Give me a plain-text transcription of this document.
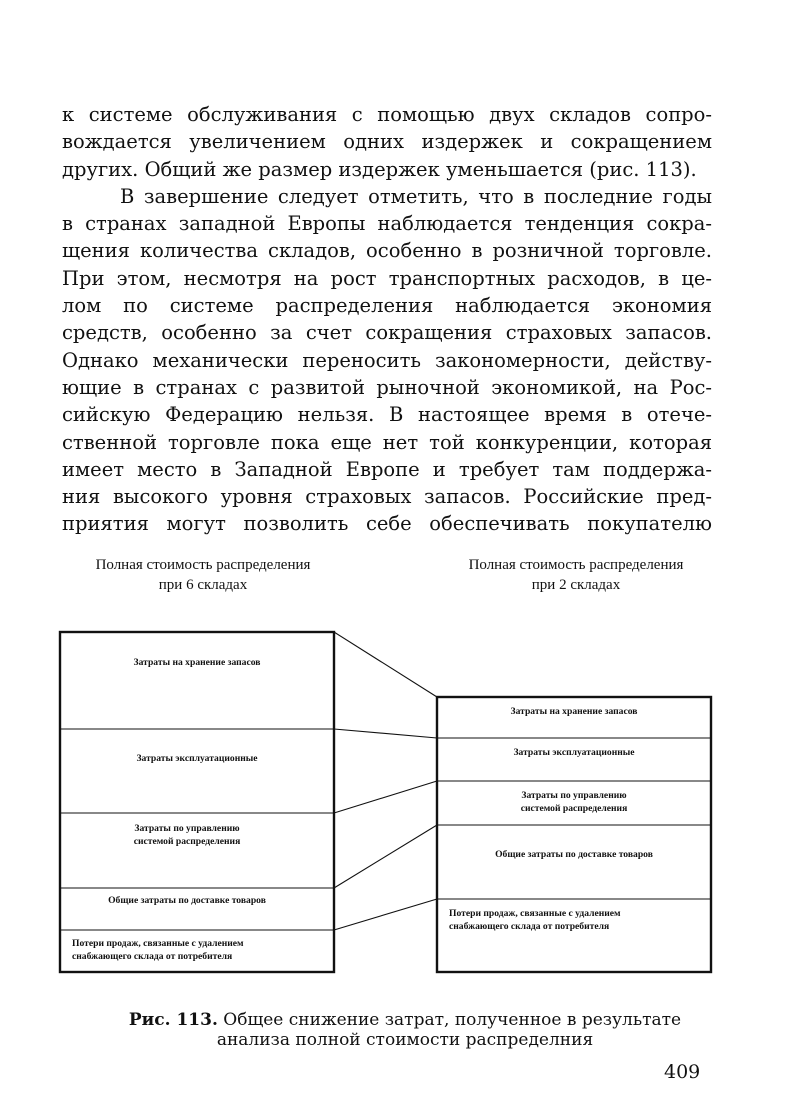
к системе обслуживания с помощью двух складов сопро-
вождается увеличением одних издержек и сокращением
других. Общий же размер издержек уменьшается (рис. 113).
В завершение следует отметить, что в последние годы
в странах западной Европы наблюдается тенденция сокра-
щения количества складов, особенно в розничной торговле.
При этом, несмотря на рост транспортных расходов, в це-
лом по системе распределения наблюдается экономия
средств, особенно за счет сокращения страховых запасов.
Однако механически переносить закономерности, действу-
ющие в странах с развитой рыночной экономикой, на Рос-
сийскую Федерацию нельзя. В настоящее время в отече-
ственной торговле пока еще нет той конкуренции, которая
имеет место в Западной Европе и требует там поддержа-
ния высокого уровня страховых запасов. Российские пред-
приятия могут позволить себе обеспечивать покупателю
Полная стоимость распределения
при 6 складах
Полная стоимость распределения
при 2 складах
Затраты на хранение запасов
Затраты эксплуатационные
Затраты по управлению
системой распределения
Общие затраты по доставке товаров
Потери продаж, связанные с удалением
снабжающего склада от потребителя
Затраты на хранение запасов
Затраты эксплуатационные
Затраты по управлению
системой распределения
Общие затраты по доставке товаров
Потери продаж, связанные с удалением
снабжающего склада от потребителя
Рис. 113. Общее снижение затрат, полученное в результате
анализа полной стоимости распределния
409
